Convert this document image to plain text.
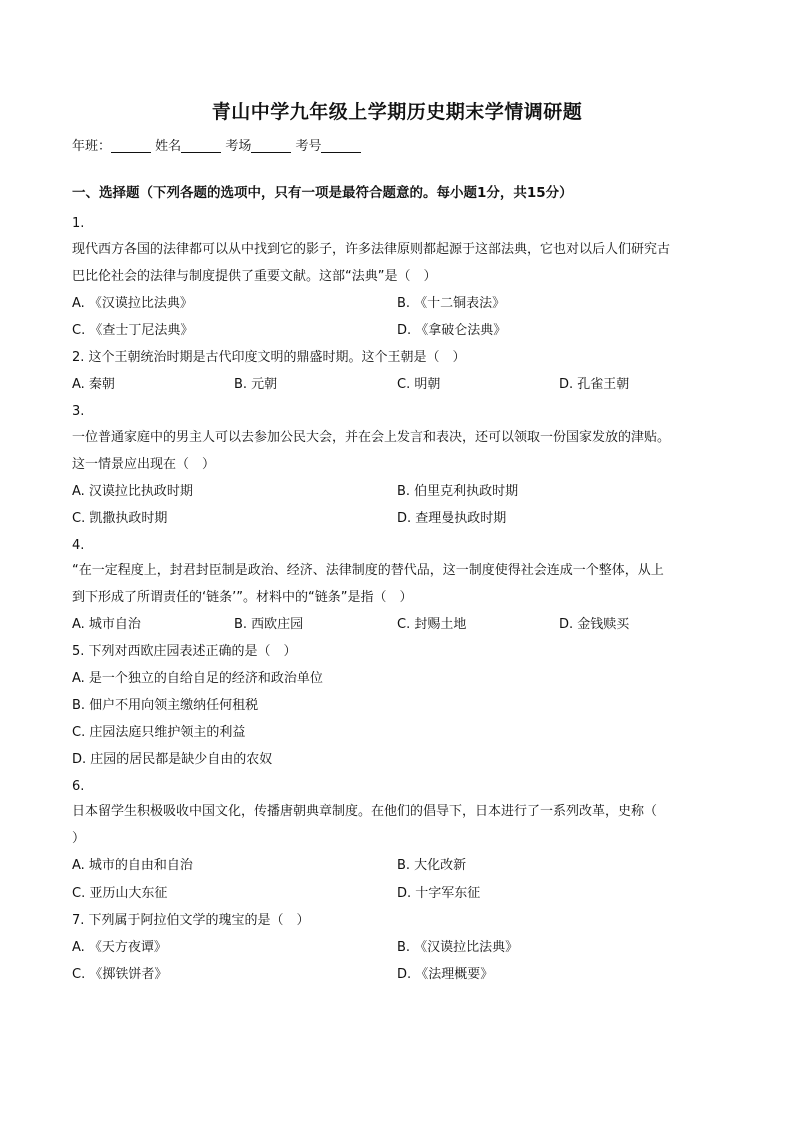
青山中学九年级上学期历史期末学情调研题
年班：	姓名	考场	考号
一、选择题（下列各题的选项中，只有一项是最符合题意的。每小题1分，共15分）
1.
现代西方各国的法律都可以从中找到它的影子，许多法律原则都起源于这部法典，它也对以后人们研究古
巴比伦社会的法律与制度提供了重要文献。这部“法典”是（　）
A. 《汉谟拉比法典》	B. 《十二铜表法》
C. 《查士丁尼法典》	D. 《拿破仑法典》
2. 这个王朝统治时期是古代印度文明的鼎盛时期。这个王朝是（　）
A. 秦朝	B. 元朝	C. 明朝	D. 孔雀王朝
3.
一位普通家庭中的男主人可以去参加公民大会，并在会上发言和表决，还可以领取一份国家发放的津贴。
这一情景应出现在（　）
A. 汉谟拉比执政时期	B. 伯里克利执政时期
C. 凯撒执政时期	D. 查理曼执政时期
4.
“在一定程度上，封君封臣制是政治、经济、法律制度的替代品，这一制度使得社会连成一个整体，从上
到下形成了所谓责任的‘链条’”。材料中的“链条”是指（　）
A. 城市自治	B. 西欧庄园	C. 封赐土地	D. 金钱赎买
5. 下列对西欧庄园表述正确的是（　）
A. 是一个独立的自给自足的经济和政治单位
B. 佃户不用向领主缴纳任何租税
C. 庄园法庭只维护领主的利益
D. 庄园的居民都是缺少自由的农奴
6.
日本留学生积极吸收中国文化，传播唐朝典章制度。在他们的倡导下，日本进行了一系列改革，史称（
）
A. 城市的自由和自治	B. 大化改新
C. 亚历山大东征	D. 十字军东征
7. 下列属于阿拉伯文学的瑰宝的是（　）
A. 《天方夜谭》	B. 《汉谟拉比法典》
C. 《掷铁饼者》	D. 《法理概要》
